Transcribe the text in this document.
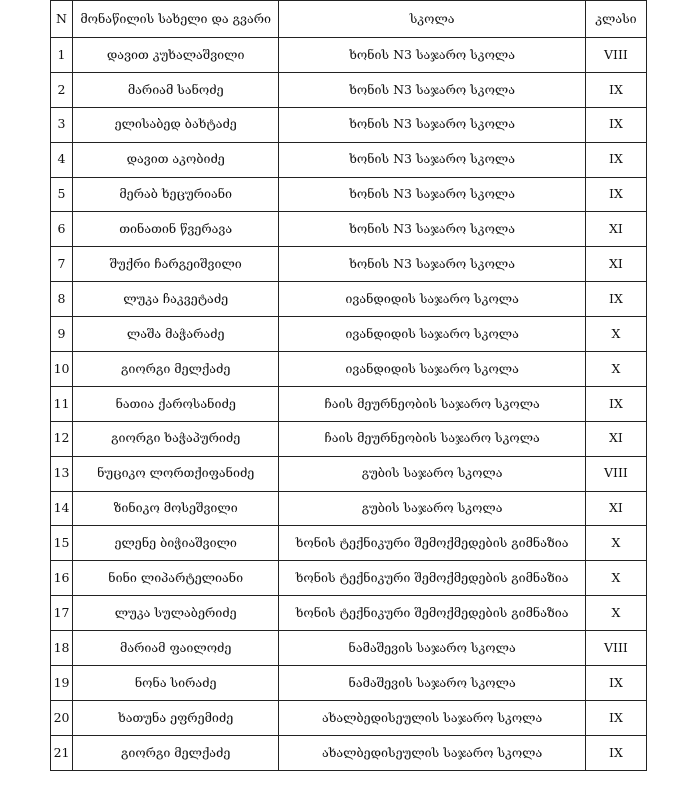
N	მონაწილის სახელი და გვარი	სკოლა	კლასი
1	დავით კუხალაშვილი	ხონის N3 საჯარო სკოლა	VIII
2	მარიამ სანოძე	ხონის N3 საჯარო სკოლა	IX
3	ელისაბედ ბახტაძე	ხონის N3 საჯარო სკოლა	IX
4	დავით აკობიძე	ხონის N3 საჯარო სკოლა	IX
5	მერაბ ხეცურიანი	ხონის N3 საჯარო სკოლა	IX
6	თინათინ წვერავა	ხონის N3 საჯარო სკოლა	XI
7	შუქრი ჩარგეიშვილი	ხონის N3 საჯარო სკოლა	XI
8	ლუკა ჩაკვეტაძე	ივანდიდის საჯარო სკოლა	IX
9	ლაშა მაჭარაძე	ივანდიდის საჯარო სკოლა	X
10	გიორგი მელქაძე	ივანდიდის საჯარო სკოლა	X
11	ნათია ქაროსანიძე	ჩაის მეურნეობის საჯარო სკოლა	IX
12	გიორგი ხაჭაპურიძე	ჩაის მეურნეობის საჯარო სკოლა	XI
13	ნუციკო ლორთქიფანიძე	გუბის საჯარო სკოლა	VIII
14	ზინიკო მოსეშვილი	გუბის საჯარო სკოლა	XI
15	ელენე ბიჭიაშვილი	ხონის ტექნიკური შემოქმედების გიმნაზია	X
16	ნინი ლიპარტელიანი	ხონის ტექნიკური შემოქმედების გიმნაზია	X
17	ლუკა სულაბერიძე	ხონის ტექნიკური შემოქმედების გიმნაზია	X
18	მარიამ ფაილოძე	ნამაშევის საჯარო სკოლა	VIII
19	ნონა სირაძე	ნამაშევის საჯარო სკოლა	IX
20	ხათუნა ეფრემიძე	ახალბედისეულის საჯარო სკოლა	IX
21	გიორგი მელქაძე	ახალბედისეულის საჯარო სკოლა	IX
